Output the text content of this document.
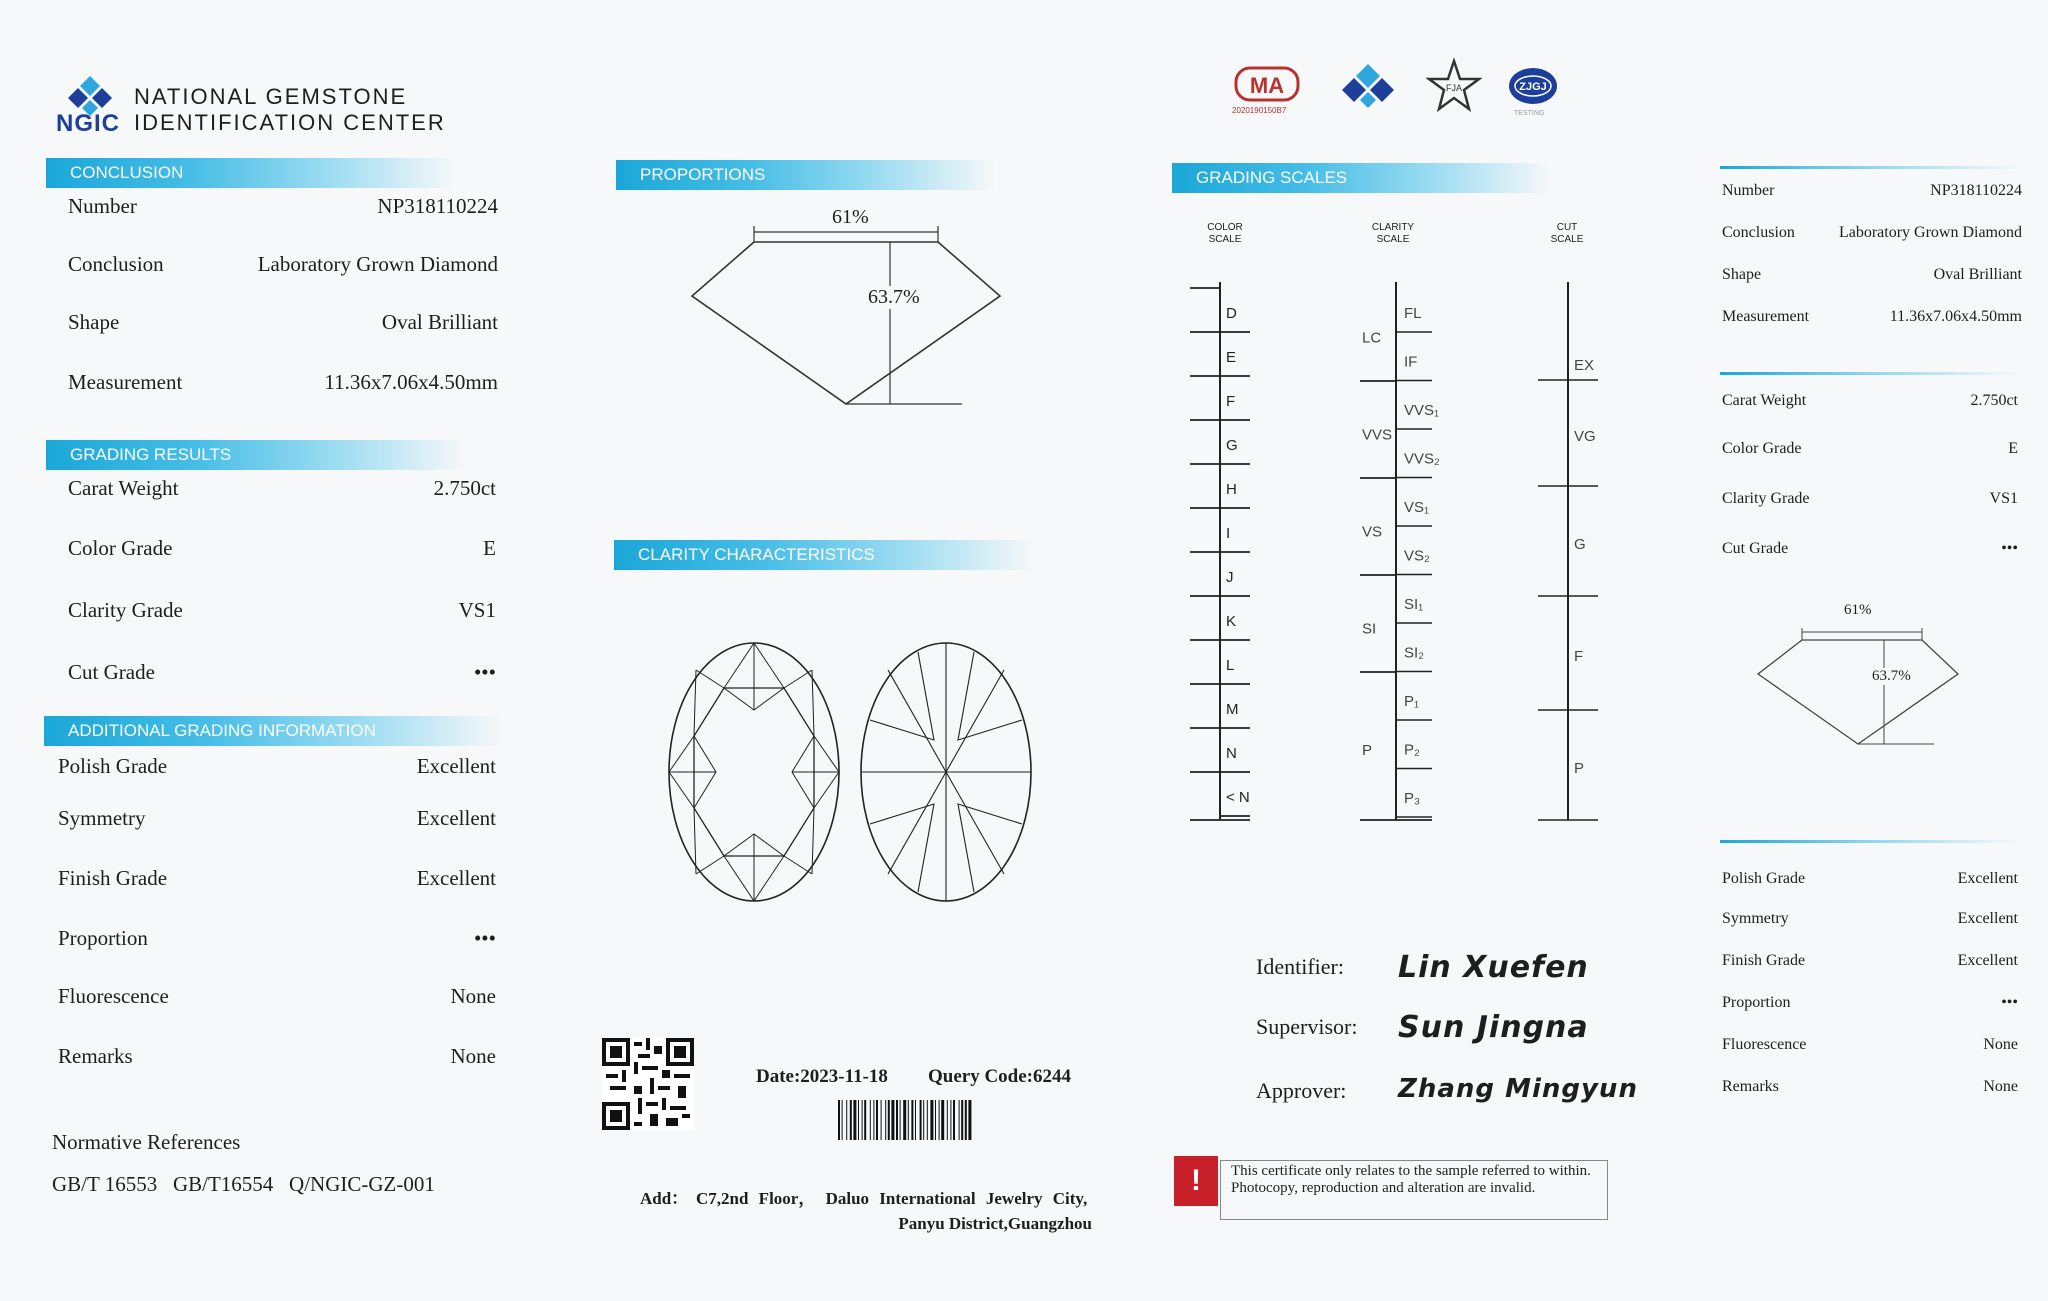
NGIC
NATIONAL GEMSTONE
IDENTIFICATION CENTER
CONCLUSION
Number	NP318110224
Conclusion	Laboratory Grown Diamond
Shape	Oval Brilliant
Measurement	11.36x7.06x4.50mm
GRADING RESULTS
Carat Weight	2.750ct
Color Grade	E
Clarity Grade	VS1
Cut Grade	•••
ADDITIONAL GRADING INFORMATION
Polish Grade	Excellent
Symmetry	Excellent
Finish Grade	Excellent
Proportion	•••
Fluorescence	None
Remarks	None
Normative References
GB/T 16553   GB/T16554   Q/NGIC-GZ-001
PROPORTIONS
61%
63.7%
CLARITY CHARACTERISTICS
Date:2023-11-18 Query Code:6244
Add： C7,2nd Floor， Daluo International Jewelry City,
Panyu District,Guangzhou
MA
2020190150B7
FJA	ZJGJ
TESTING
GRADING SCALES
COLOR
SCALE
CLARITY
SCALE
CUT
SCALE
D
E
F
G
H
I
J
K
L
M
N
< N
FL
IF
VVS₁
VVS₂
VS₁
VS₂
SI₁
SI₂
P₁
P₂
P₃
LC
VVS
VS
SI
P
EX
VG
G
F
P
Identifier: Lin Xuefen
Supervisor: Sun Jingna
Approver: Zhang Mingyun
!	This certificate only relates to the sample referred to within. Photocopy, reproduction and alteration are invalid.
Number	NP318110224
Conclusion	Laboratory Grown Diamond
Shape	Oval Brilliant
Measurement	11.36x7.06x4.50mm
Carat Weight	2.750ct
Color Grade	E
Clarity Grade	VS1
Cut Grade	•••
61%
63.7%
Polish Grade	Excellent
Symmetry	Excellent
Finish Grade	Excellent
Proportion	•••
Fluorescence	None
Remarks	None
